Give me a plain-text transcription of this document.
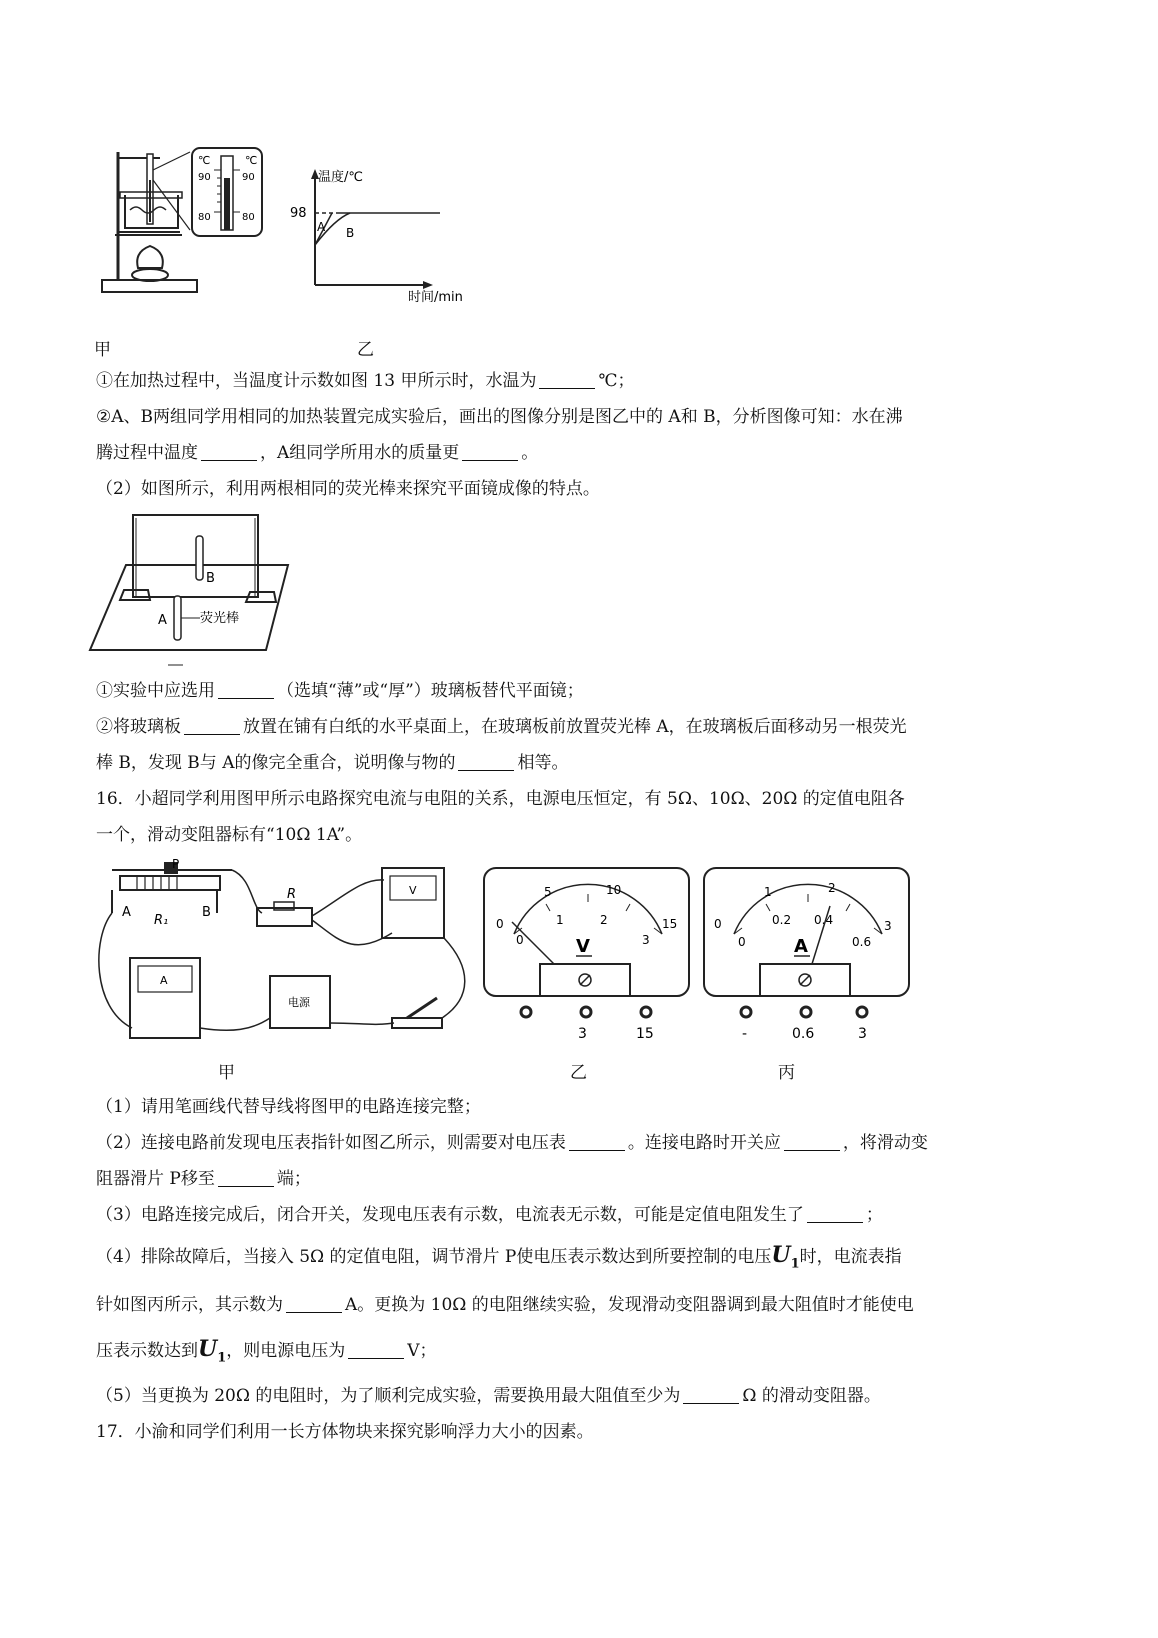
℃	℃
90	90
80	80
温度/℃
98
A B
时间/min
甲	乙
①在加热过程中，当温度计示数如图 13 甲所示时，水温为	℃；
②A、B两组同学用相同的加热装置完成实验后，画出的图像分别是图乙中的 A和 B，分析图像可知：水在沸
腾过程中温度	，A组同学所用水的质量更	。
（2）如图所示，利用两根相同的荧光棒来探究平面镜成像的特点。
B
A	荧光棒
①实验中应选用	（选填“薄”或“厚”）玻璃板替代平面镜；
②将玻璃板	放置在铺有白纸的水平桌面上，在玻璃板前放置荧光棒 A，在玻璃板后面移动另一根荧光
棒 B，发现 B与 A的像完全重合，说明像与物的	相等。
16．小超同学利用图甲所示电路探究电流与电阻的关系，电源电压恒定，有 5Ω、10Ω、20Ω 的定值电阻各
一个，滑动变阻器标有“10Ω 1A”。
P
A	B
R₁
R	V
A
电源
0
5	10
15
0
1	2
3
V
3	15
0
1	2
3
0
0.2 0.4
0.6
A
-	0.6	3
甲	乙	丙
（1）请用笔画线代替导线将图甲的电路连接完整；
（2）连接电路前发现电压表指针如图乙所示，则需要对电压表	。连接电路时开关应	，将滑动变
阻器滑片 P移至	端；
（3）电路连接完成后，闭合开关，发现电压表有示数，电流表无示数，可能是定值电阻发生了	；
（4）排除故障后，当接入 5Ω 的定值电阻，调节滑片 P使电压表示数达到所要控制的电压$U_1$时，电流表指
针如图丙所示，其示数为	A。更换为 10Ω 的电阻继续实验，发现滑动变阻器调到最大阻值时才能使电
压表示数达到$U_1$，则电源电压为	V；
（5）当更换为 20Ω 的电阻时，为了顺利完成实验，需要换用最大阻值至少为	Ω 的滑动变阻器。
17．小渝和同学们利用一长方体物块来探究影响浮力大小的因素。
